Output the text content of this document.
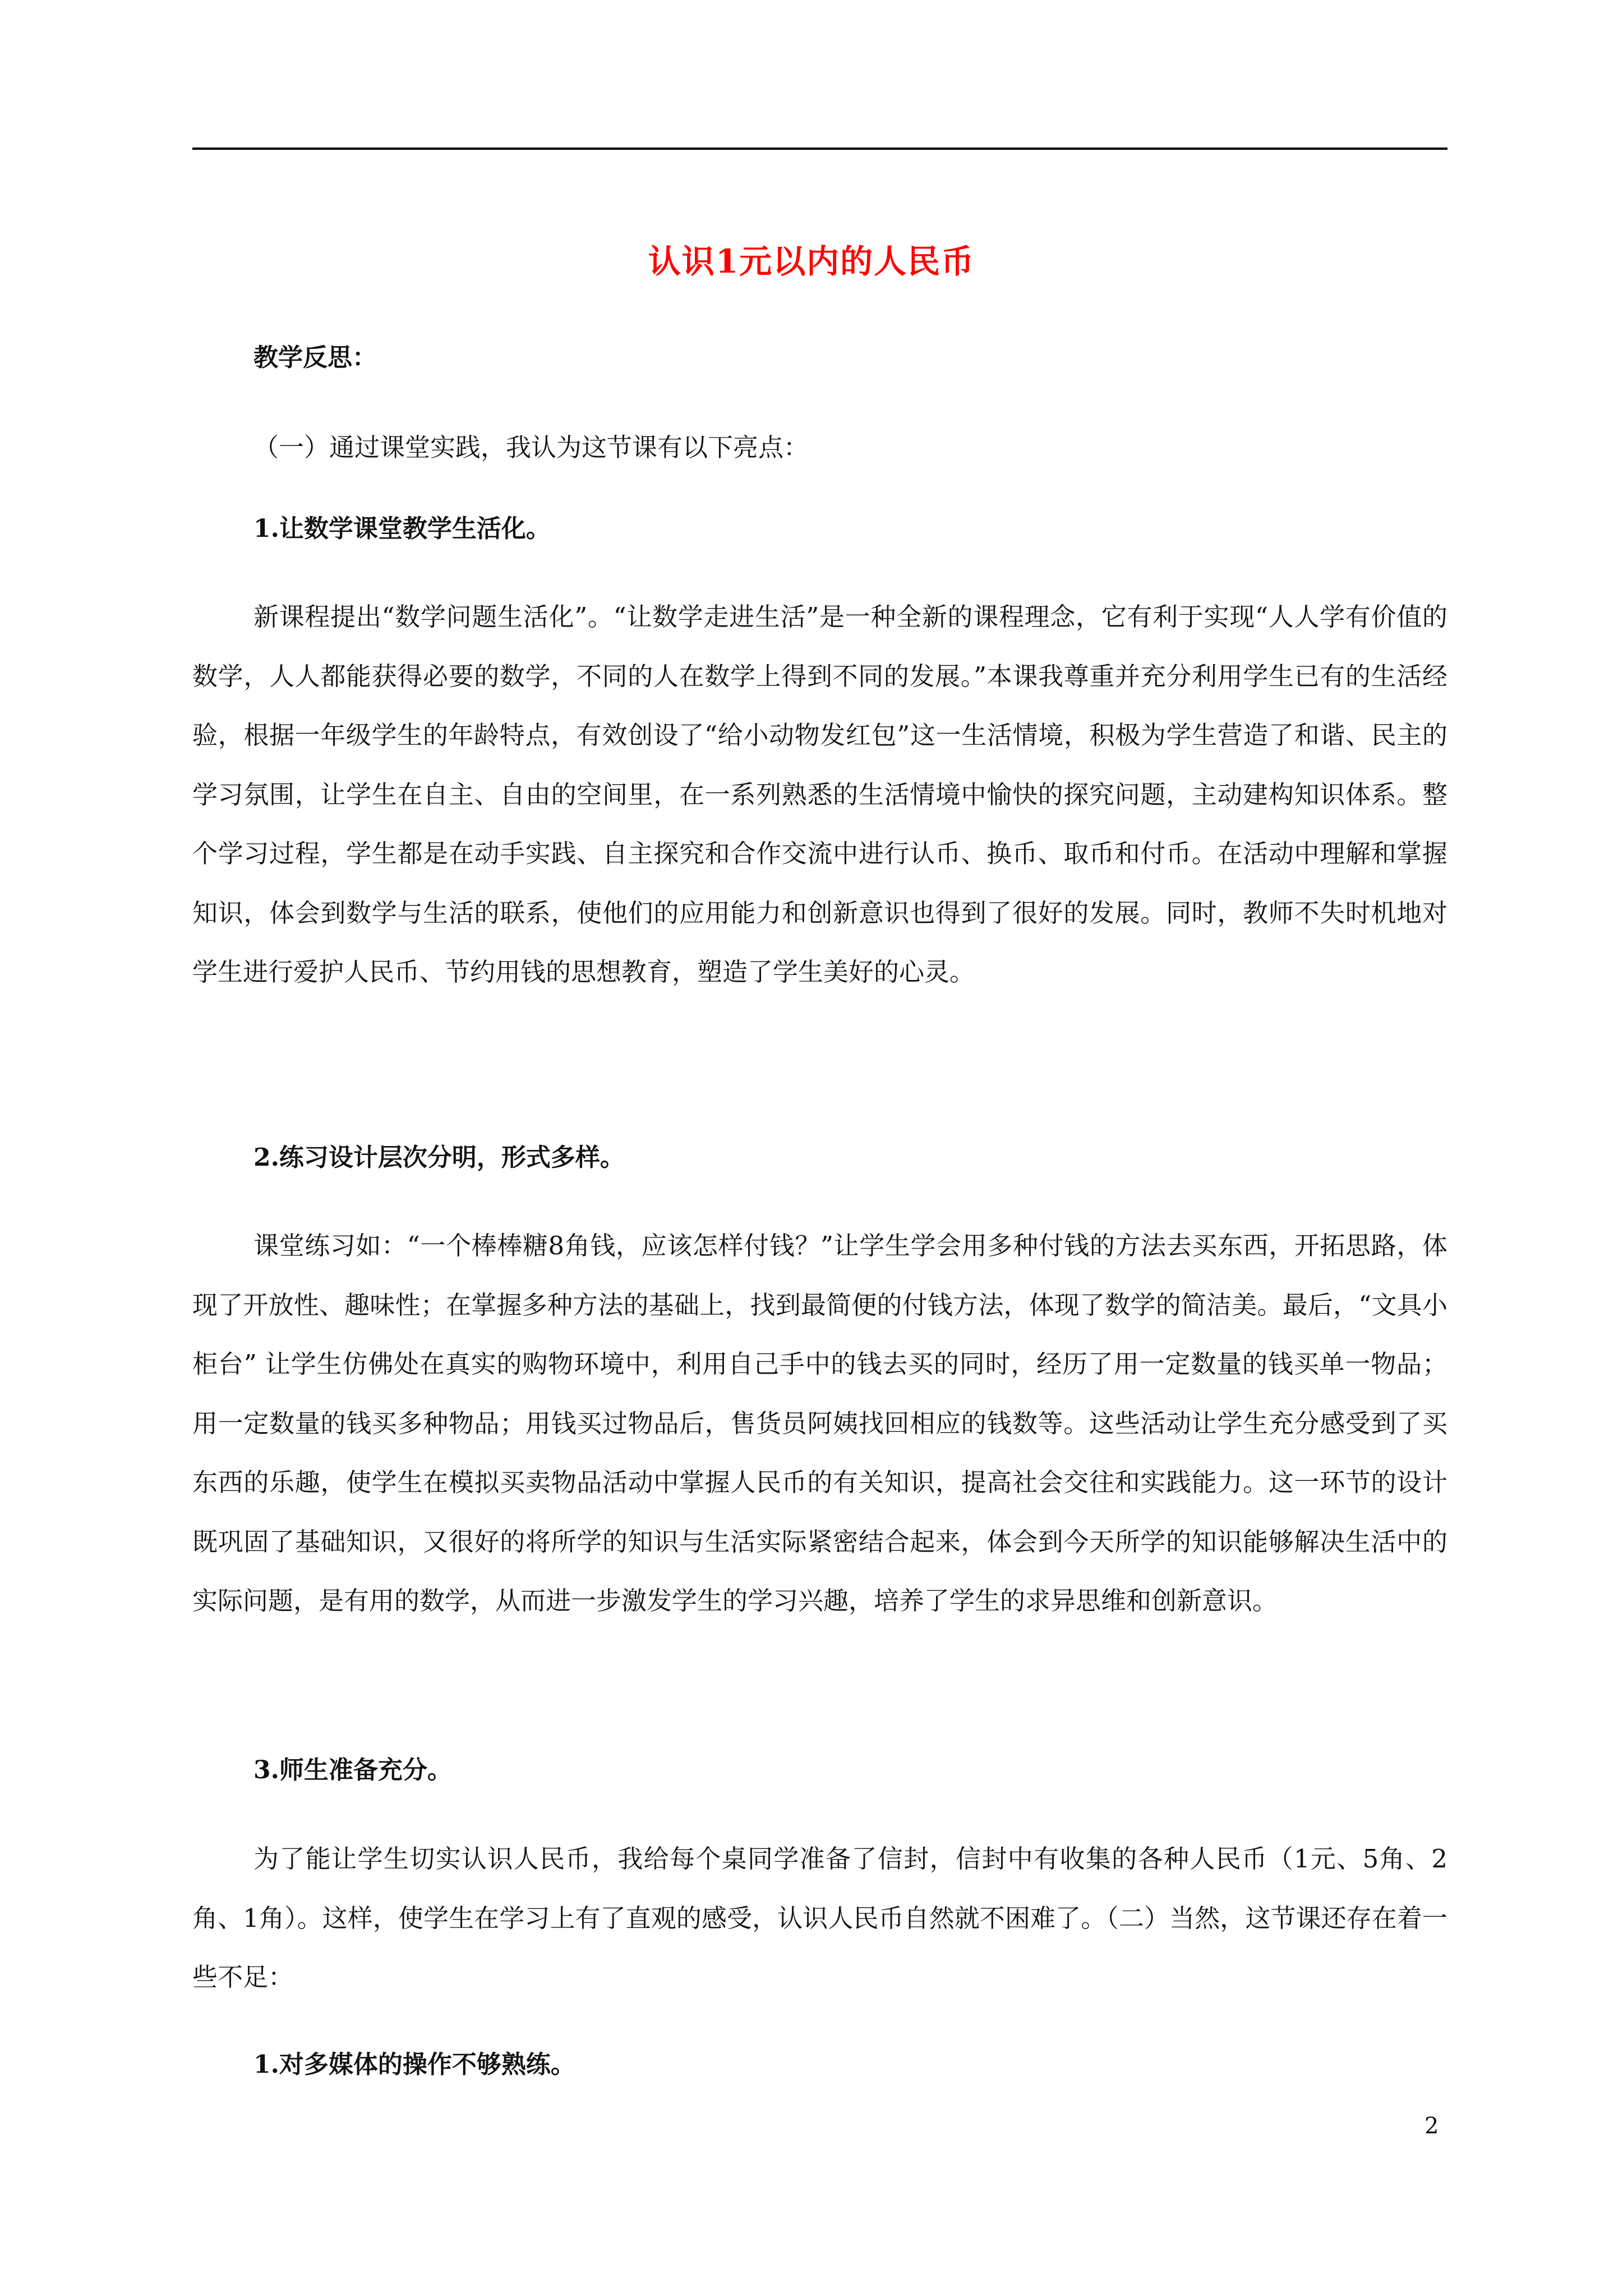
认识1元以内的人民币
教学反思：
（一）通过课堂实践，我认为这节课有以下亮点：
1.让数学课堂教学生活化。

新课程提出“数学问题生活化”。“让数学走进生活”是一种全新的课程理念，它有利于实现“人人学有价值的数学，人人都能获得必要的数学，不同的人在数学上得到不同的发展。”本课我尊重并充分利用学生已有的生活经验，根据一年级学生的年龄特点，有效创设了“给小动物发红包”这一生活情境，积极为学生营造了和谐、民主的学习氛围，让学生在自主、自由的空间里，在一系列熟悉的生活情境中愉快的探究问题，主动建构知识体系。整个学习过程，学生都是在动手实践、自主探究和合作交流中进行认币、换币、取币和付币。在活动中理解和掌握知识，体会到数学与生活的联系，使他们的应用能力和创新意识也得到了很好的发展。同时，教师不失时机地对学生进行爱护人民币、节约用钱的思想教育，塑造了学生美好的心灵。

2.练习设计层次分明，形式多样。

课堂练习如：“一个棒棒糖8角钱，应该怎样付钱？”让学生学会用多种付钱的方法去买东西，开拓思路，体现了开放性、趣味性；在掌握多种方法的基础上，找到最简便的付钱方法，体现了数学的简洁美。最后，“文具小柜台” 让学生仿佛处在真实的购物环境中，利用自己手中的钱去买的同时，经历了用一定数量的钱买单一物品；用一定数量的钱买多种物品；用钱买过物品后，售货员阿姨找回相应的钱数等。这些活动让学生充分感受到了买东西的乐趣，使学生在模拟买卖物品活动中掌握人民币的有关知识，提高社会交往和实践能力。这一环节的设计既巩固了基础知识，又很好的将所学的知识与生活实际紧密结合起来，体会到今天所学的知识能够解决生活中的实际问题，是有用的数学，从而进一步激发学生的学习兴趣，培养了学生的求异思维和创新意识。

3.师生准备充分。

为了能让学生切实认识人民币，我给每个桌同学准备了信封，信封中有收集的各种人民币（1元、5角、2角、1角）。这样，使学生在学习上有了直观的感受，认识人民币自然就不困难了。（二）当然，这节课还存在着一些不足：

1.对多媒体的操作不够熟练。
2
